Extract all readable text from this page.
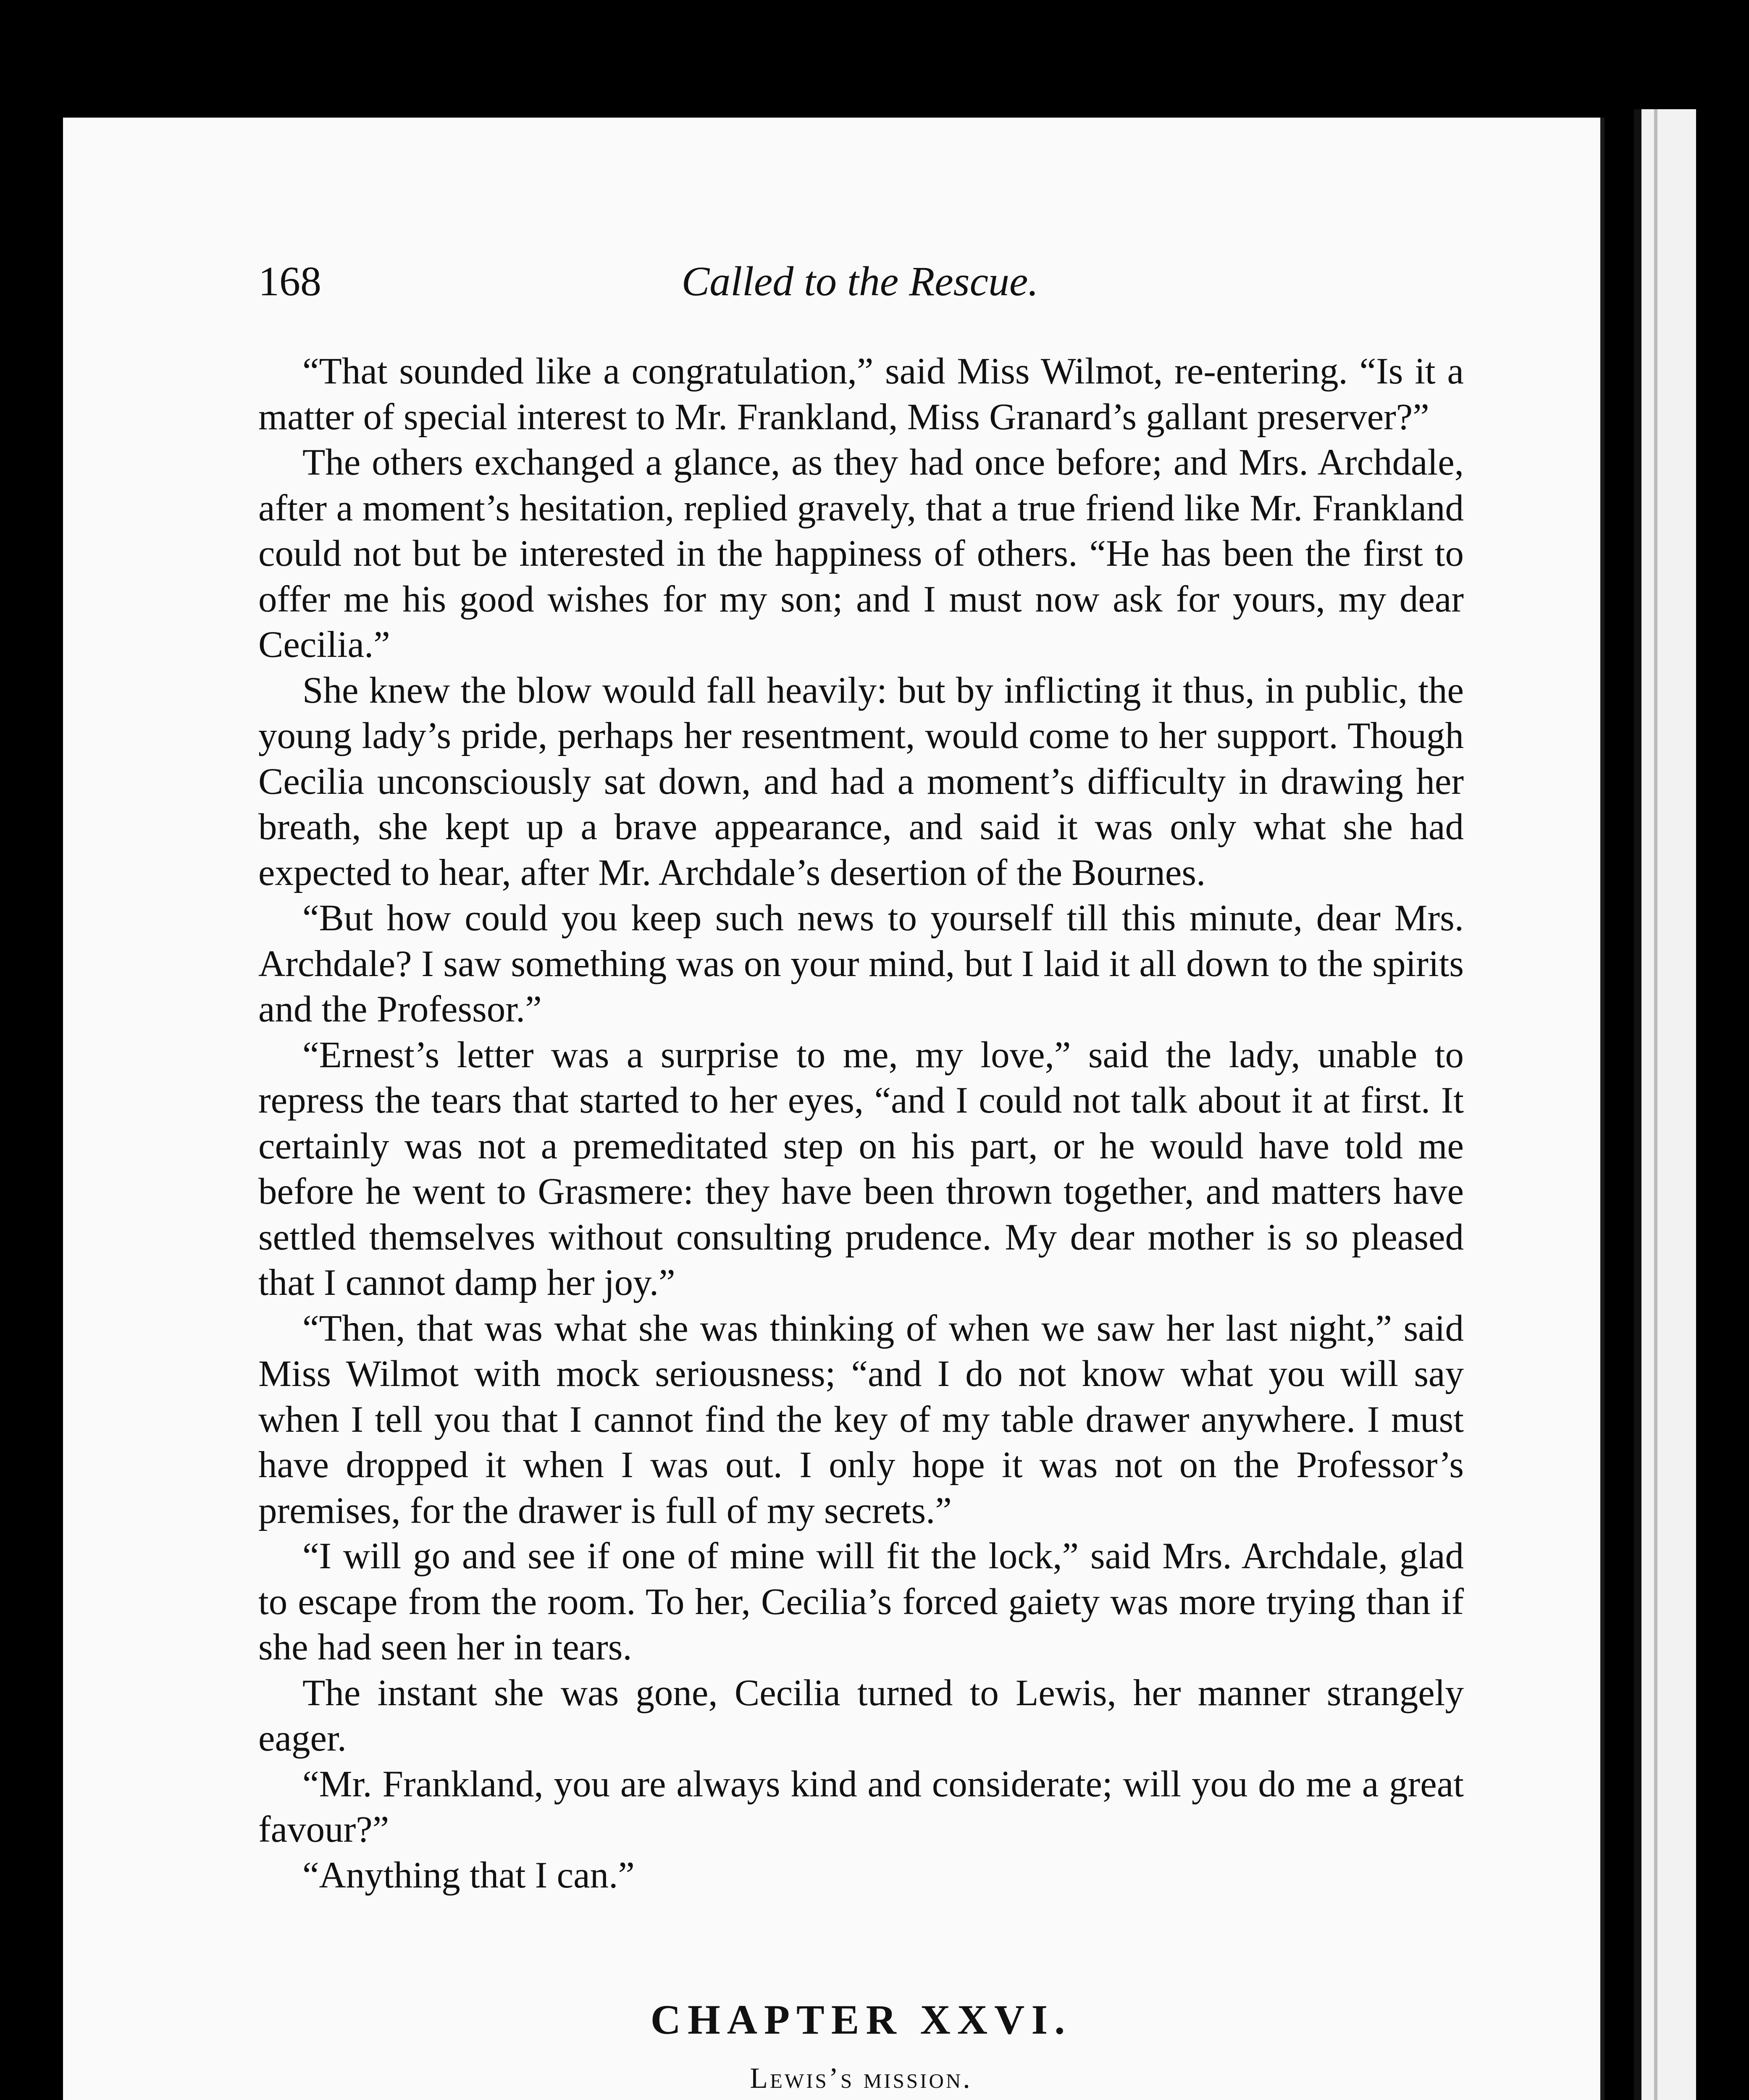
168	Called to the Rescue.

“That sounded like a congratulation,” said Miss Wilmot, re-entering. “Is it a matter of special interest to Mr. Frankland, Miss Granard’s gallant preserver?”

The others exchanged a glance, as they had once before; and Mrs. Archdale, after a moment’s hesitation, replied gravely, that a true friend like Mr. Frankland could not but be interested in the happiness of others. “He has been the first to offer me his good wishes for my son; and I must now ask for yours, my dear Cecilia.”

She knew the blow would fall heavily: but by inflicting it thus, in public, the young lady’s pride, perhaps her resentment, would come to her support. Though Cecilia unconsciously sat down, and had a moment’s difficulty in drawing her breath, she kept up a brave appearance, and said it was only what she had expected to hear, after Mr. Archdale’s desertion of the Bournes.

“But how could you keep such news to yourself till this minute, dear Mrs. Archdale? I saw something was on your mind, but I laid it all down to the spirits and the Professor.”

“Ernest’s letter was a surprise to me, my love,” said the lady, unable to repress the tears that started to her eyes, “and I could not talk about it at first. It certainly was not a premeditated step on his part, or he would have told me before he went to Grasmere: they have been thrown together, and matters have settled themselves without consulting prudence. My dear mother is so pleased that I cannot damp her joy.”

“Then, that was what she was thinking of when we saw her last night,” said Miss Wilmot with mock seriousness; “and I do not know what you will say when I tell you that I cannot find the key of my table drawer anywhere. I must have dropped it when I was out. I only hope it was not on the Professor’s premises, for the drawer is full of my secrets.”

“I will go and see if one of mine will fit the lock,” said Mrs. Archdale, glad to escape from the room. To her, Cecilia’s forced gaiety was more trying than if she had seen her in tears.

The instant she was gone, Cecilia turned to Lewis, her manner strangely eager.

“Mr. Frankland, you are always kind and considerate; will you do me a great favour?”

“Anything that I can.”

CHAPTER XXVI.
Lewis’s mission.
